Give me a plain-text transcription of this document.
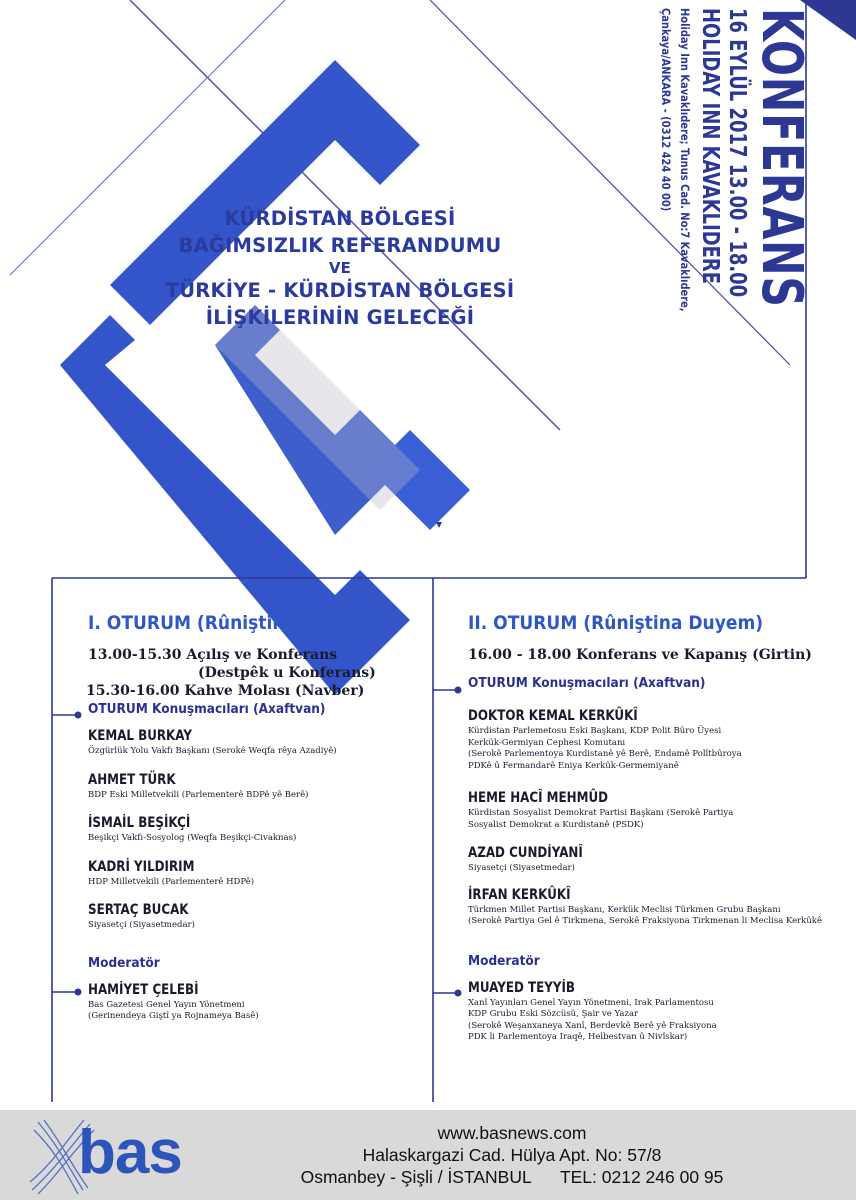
KONFERANS
16 EYLÜL 2017 13.00 - 18.00
HOLIDAY INN KAVAKLIDERE
Holiday Inn Kavaklıdere; Tunus Cad. No:7 Kavaklıdere,
Çankaya/ANKARA - (0312 424 40 00)
KÜRDİSTAN BÖLGESİ
BAĞIMSIZLIK REFERANDUMU
VE
TÜRKİYE - KÜRDİSTAN BÖLGESİ
İLİŞKİLERİNİN GELECEĞİ
I. OTURUM (Rûniştina Yekem)
13.00-15.30 Açılış ve Konferans
(Destpêk u Konferans)
15.30-16.00 Kahve Molası (Navber)
OTURUM Konuşmacıları (Axaftvan)
KEMAL BURKAY
Özgürlük Yolu Vakfı Başkanı (Serokê Weqfa rêya Azadiyê)
AHMET TÜRK
BDP Eski Milletvekili (Parlementerê BDPê yê Berê)
İSMAİL BEŞİKÇİ
Beşikçi Vakfı-Sosyolog (Weqfa Beşikçi-Civaknas)
KADRİ YILDIRIM
HDP Milletvekili (Parlementerê HDPê)
SERTAÇ BUCAK
Siyasetçi (Siyasetmedar)
Moderatör
HAMİYET ÇELEBİ
Bas Gazetesi Genel Yayın Yönetmeni
(Gerinendeya Giştî ya Rojnameya Basê)
II. OTURUM (Rûniştina Duyem)
16.00 - 18.00 Konferans ve Kapanış (Girtin)
OTURUM Konuşmacıları (Axaftvan)
DOKTOR KEMAL KERKÛKÎ
Kürdistan Parlemetosu Eski Başkanı, KDP Polit Büro Üyesi
Kerkük-Germiyan Cephesi Komutanı
(Serokê Parlementoya Kurdistanê yê Berê, Endamê Polîtbûroya
PDKê û Fermandarê Eniya Kerkûk-Germemiyanê
HEME HACÎ MEHMÛD
Kürdistan Sosyalist Demokrat Partisi Başkanı (Serokê Partiya
Sosyalist Demokrat a Kurdistanê (PSDK)
AZAD CUNDİYANÎ
Siyasetçi (Siyasetmedar)
İRFAN KERKÛKÎ
Türkmen Millet Partisi Başkanı, Kerkük Meclisi Türkmen Grubu Başkanı
(Serokê Partiya Gel ê Tirkmena, Serokê Fraksiyona Tirkmenan li Meclisa Kerkûkê
Moderatör
MUAYED TEYYİB
Xanî Yayınları Genel Yayın Yönetmeni, Irak Parlamentosu
KDP Grubu Eski Sözcüsü, Şair ve Yazar
(Serokê Weşanxaneya Xanî, Berdevkê Berê yê Fraksiyona
PDK li Parlementoya Iraqê, Helbestvan û Nivîskar)
bas	www.basnews.com
Halaskargazi Cad. Hülya Apt. No: 57/8
Osmanbey - Şişli / İSTANBUL TEL: 0212 246 00 95
